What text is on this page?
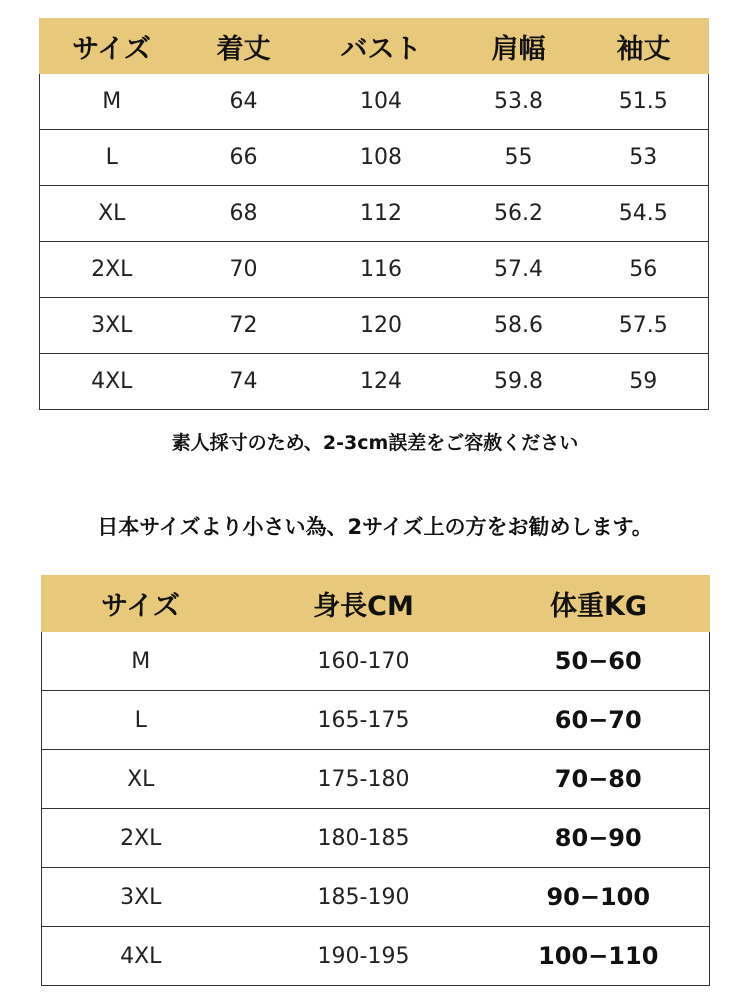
サイズ	着丈	バスト	肩幅	袖丈
M	64	104	53.8	51.5
L	66	108	55	53
XL	68	112	56.2	54.5
2XL	70	116	57.4	56
3XL	72	120	58.6	57.5
4XL	74	124	59.8	59
素人採寸のため、2-3cm誤差をご容赦ください
日本サイズより小さい為、2サイズ上の方をお勧めします。
サイズ	身長CM	体重KG
M	160-170	50−60
L	165-175	60−70
XL	175-180	70−80
2XL	180-185	80−90
3XL	185-190	90−100
4XL	190-195	100−110
